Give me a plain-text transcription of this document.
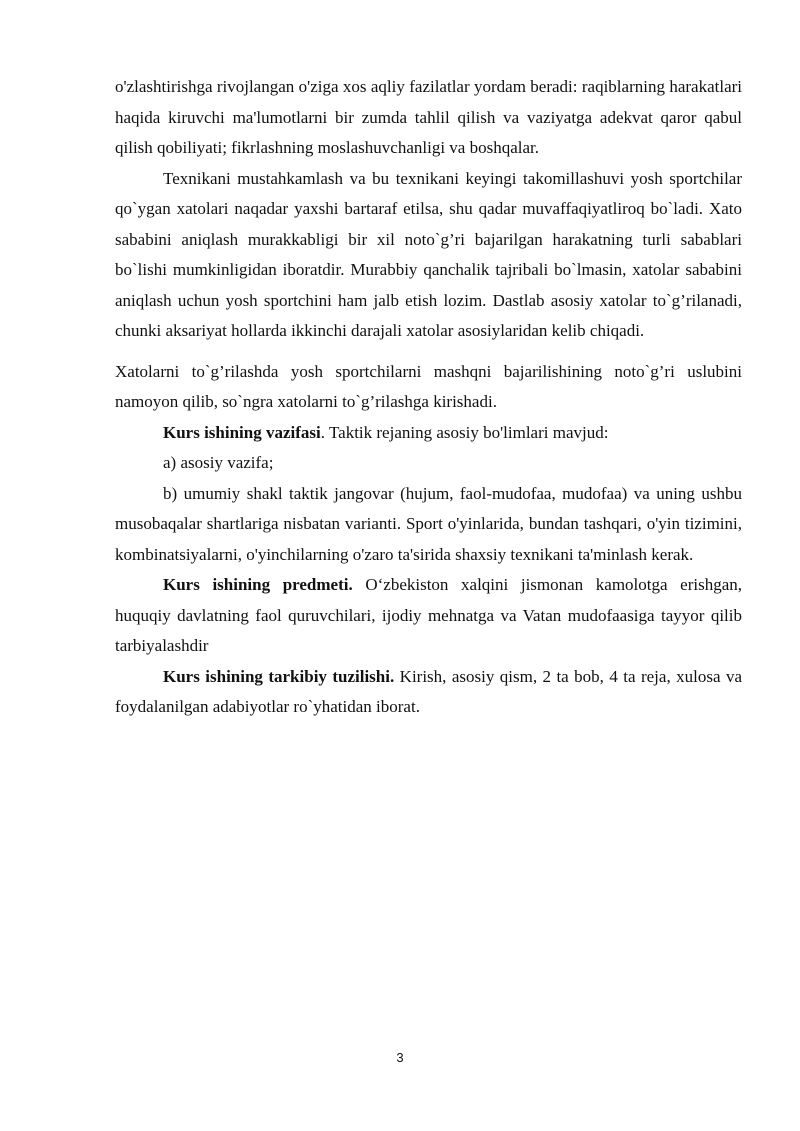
o'zlashtirishga rivojlangan o'ziga xos aqliy fazilatlar yordam beradi: raqiblarning harakatlari haqida kiruvchi ma'lumotlarni bir zumda tahlil qilish va vaziyatga adekvat qaror qabul qilish qobiliyati; fikrlashning moslashuvchanligi va boshqalar.

Texnikani mustahkamlash va bu texnikani keyingi takomillashuvi yosh sportchilar qo`ygan xatolari naqadar yaxshi bartaraf etilsa, shu qadar muvaffaqiyatliroq bo`ladi. Xato sababini aniqlash murakkabligi bir xil noto`g’ri bajarilgan harakatning turli sabablari bo`lishi mumkinligidan iboratdir. Murabbiy qanchalik tajribali bo`lmasin, xatolar sababini aniqlash uchun yosh sportchini ham jalb etish lozim. Dastlab asosiy xatolar to`g’rilanadi, chunki aksariyat hollarda ikkinchi darajali xatolar asosiylaridan kelib chiqadi.

Xatolarni to`g’rilashda yosh sportchilarni mashqni bajarilishining noto`g’ri uslubini namoyon qilib, so`ngra xatolarni to`g’rilashga kirishadi.

Kurs ishining vazifasi. Taktik rejaning asosiy bo'limlari mavjud:

a) asosiy vazifa;

b) umumiy shakl taktik jangovar (hujum, faol-mudofaa, mudofaa) va uning ushbu musobaqalar shartlariga nisbatan varianti. Sport o'yinlarida, bundan tashqari, o'yin tizimini, kombinatsiyalarni, o'yinchilarning o'zaro ta'sirida shaxsiy texnikani ta'minlash kerak.

Kurs ishining predmeti. O‘zbekiston xalqini jismonan kamolotga erishgan, huquqiy davlatning faol quruvchilari, ijodiy mehnatga va Vatan mudofaasiga tayyor qilib tarbiyalashdir

Kurs ishining tarkibiy tuzilishi. Kirish, asosiy qism, 2 ta bob, 4 ta reja, xulosa va foydalanilgan adabiyotlar ro`yhatidan iborat.

3
